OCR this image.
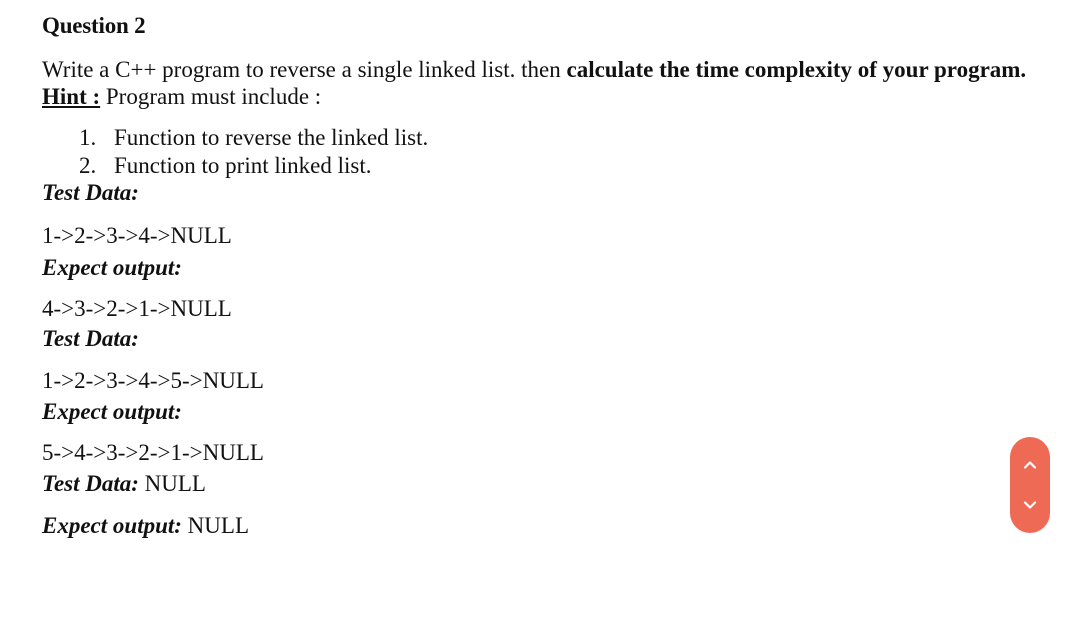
Question 2
Write a C++ program to reverse a single linked list. then calculate the time complexity of your program.
Hint : Program must include :
1. Function to reverse the linked list.
2. Function to print linked list.
Test Data:
1->2->3->4->NULL
Expect output:
4->3->2->1->NULL
Test Data:
1->2->3->4->5->NULL
Expect output:
5->4->3->2->1->NULL
Test Data: NULL
Expect output: NULL
